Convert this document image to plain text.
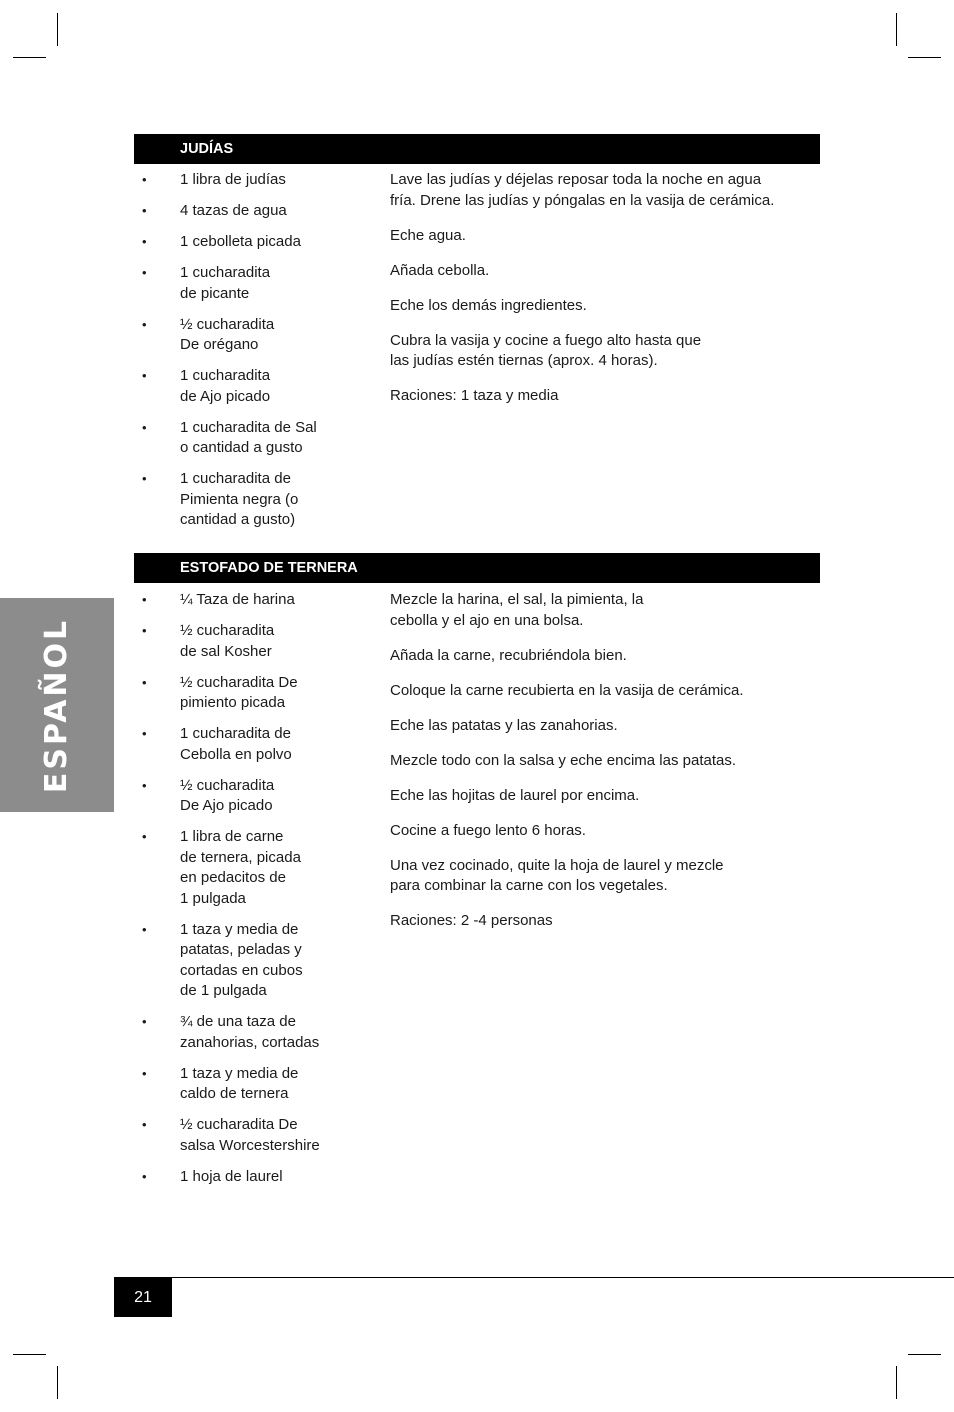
ESPAÑOL
JUDÍAS
• 1 libra de judías
• 4 tazas de agua
• 1 cebolleta picada
• 1 cucharadita
de picante
• ½ cucharadita
De orégano
• 1 cucharadita
de Ajo picado
• 1 cucharadita de Sal
o cantidad a gusto
• 1 cucharadita de
Pimienta negra (o
cantidad a gusto)

Lave las judías y déjelas reposar toda la noche en agua
fría. Drene las judías y póngalas en la vasija de cerámica.

Eche agua.

Añada cebolla.

Eche los demás ingredientes.

Cubra la vasija y cocine a fuego alto hasta que
las judías estén tiernas (aprox. 4 horas).

Raciones: 1 taza y media

ESTOFADO DE TERNERA
• ¼ Taza de harina
• ½ cucharadita
de sal Kosher
• ½ cucharadita De
pimiento picada
• 1 cucharadita de
Cebolla en polvo
• ½ cucharadita
De Ajo picado
• 1 libra de carne
de ternera, picada
en pedacitos de
1 pulgada
• 1 taza y media de
patatas, peladas y
cortadas en cubos
de 1 pulgada
• ¾ de una taza de
zanahorias, cortadas
• 1 taza y media de
caldo de ternera
• ½ cucharadita De
salsa Worcestershire
• 1 hoja de laurel

Mezcle la harina, el sal, la pimienta, la
cebolla y el ajo en una bolsa.

Añada la carne, recubriéndola bien.

Coloque la carne recubierta en la vasija de cerámica.

Eche las patatas y las zanahorias.

Mezcle todo con la salsa y eche encima las patatas.

Eche las hojitas de laurel por encima.

Cocine a fuego lento 6 horas.

Una vez cocinado, quite la hoja de laurel y mezcle
para combinar la carne con los vegetales.

Raciones: 2 -4 personas

21
